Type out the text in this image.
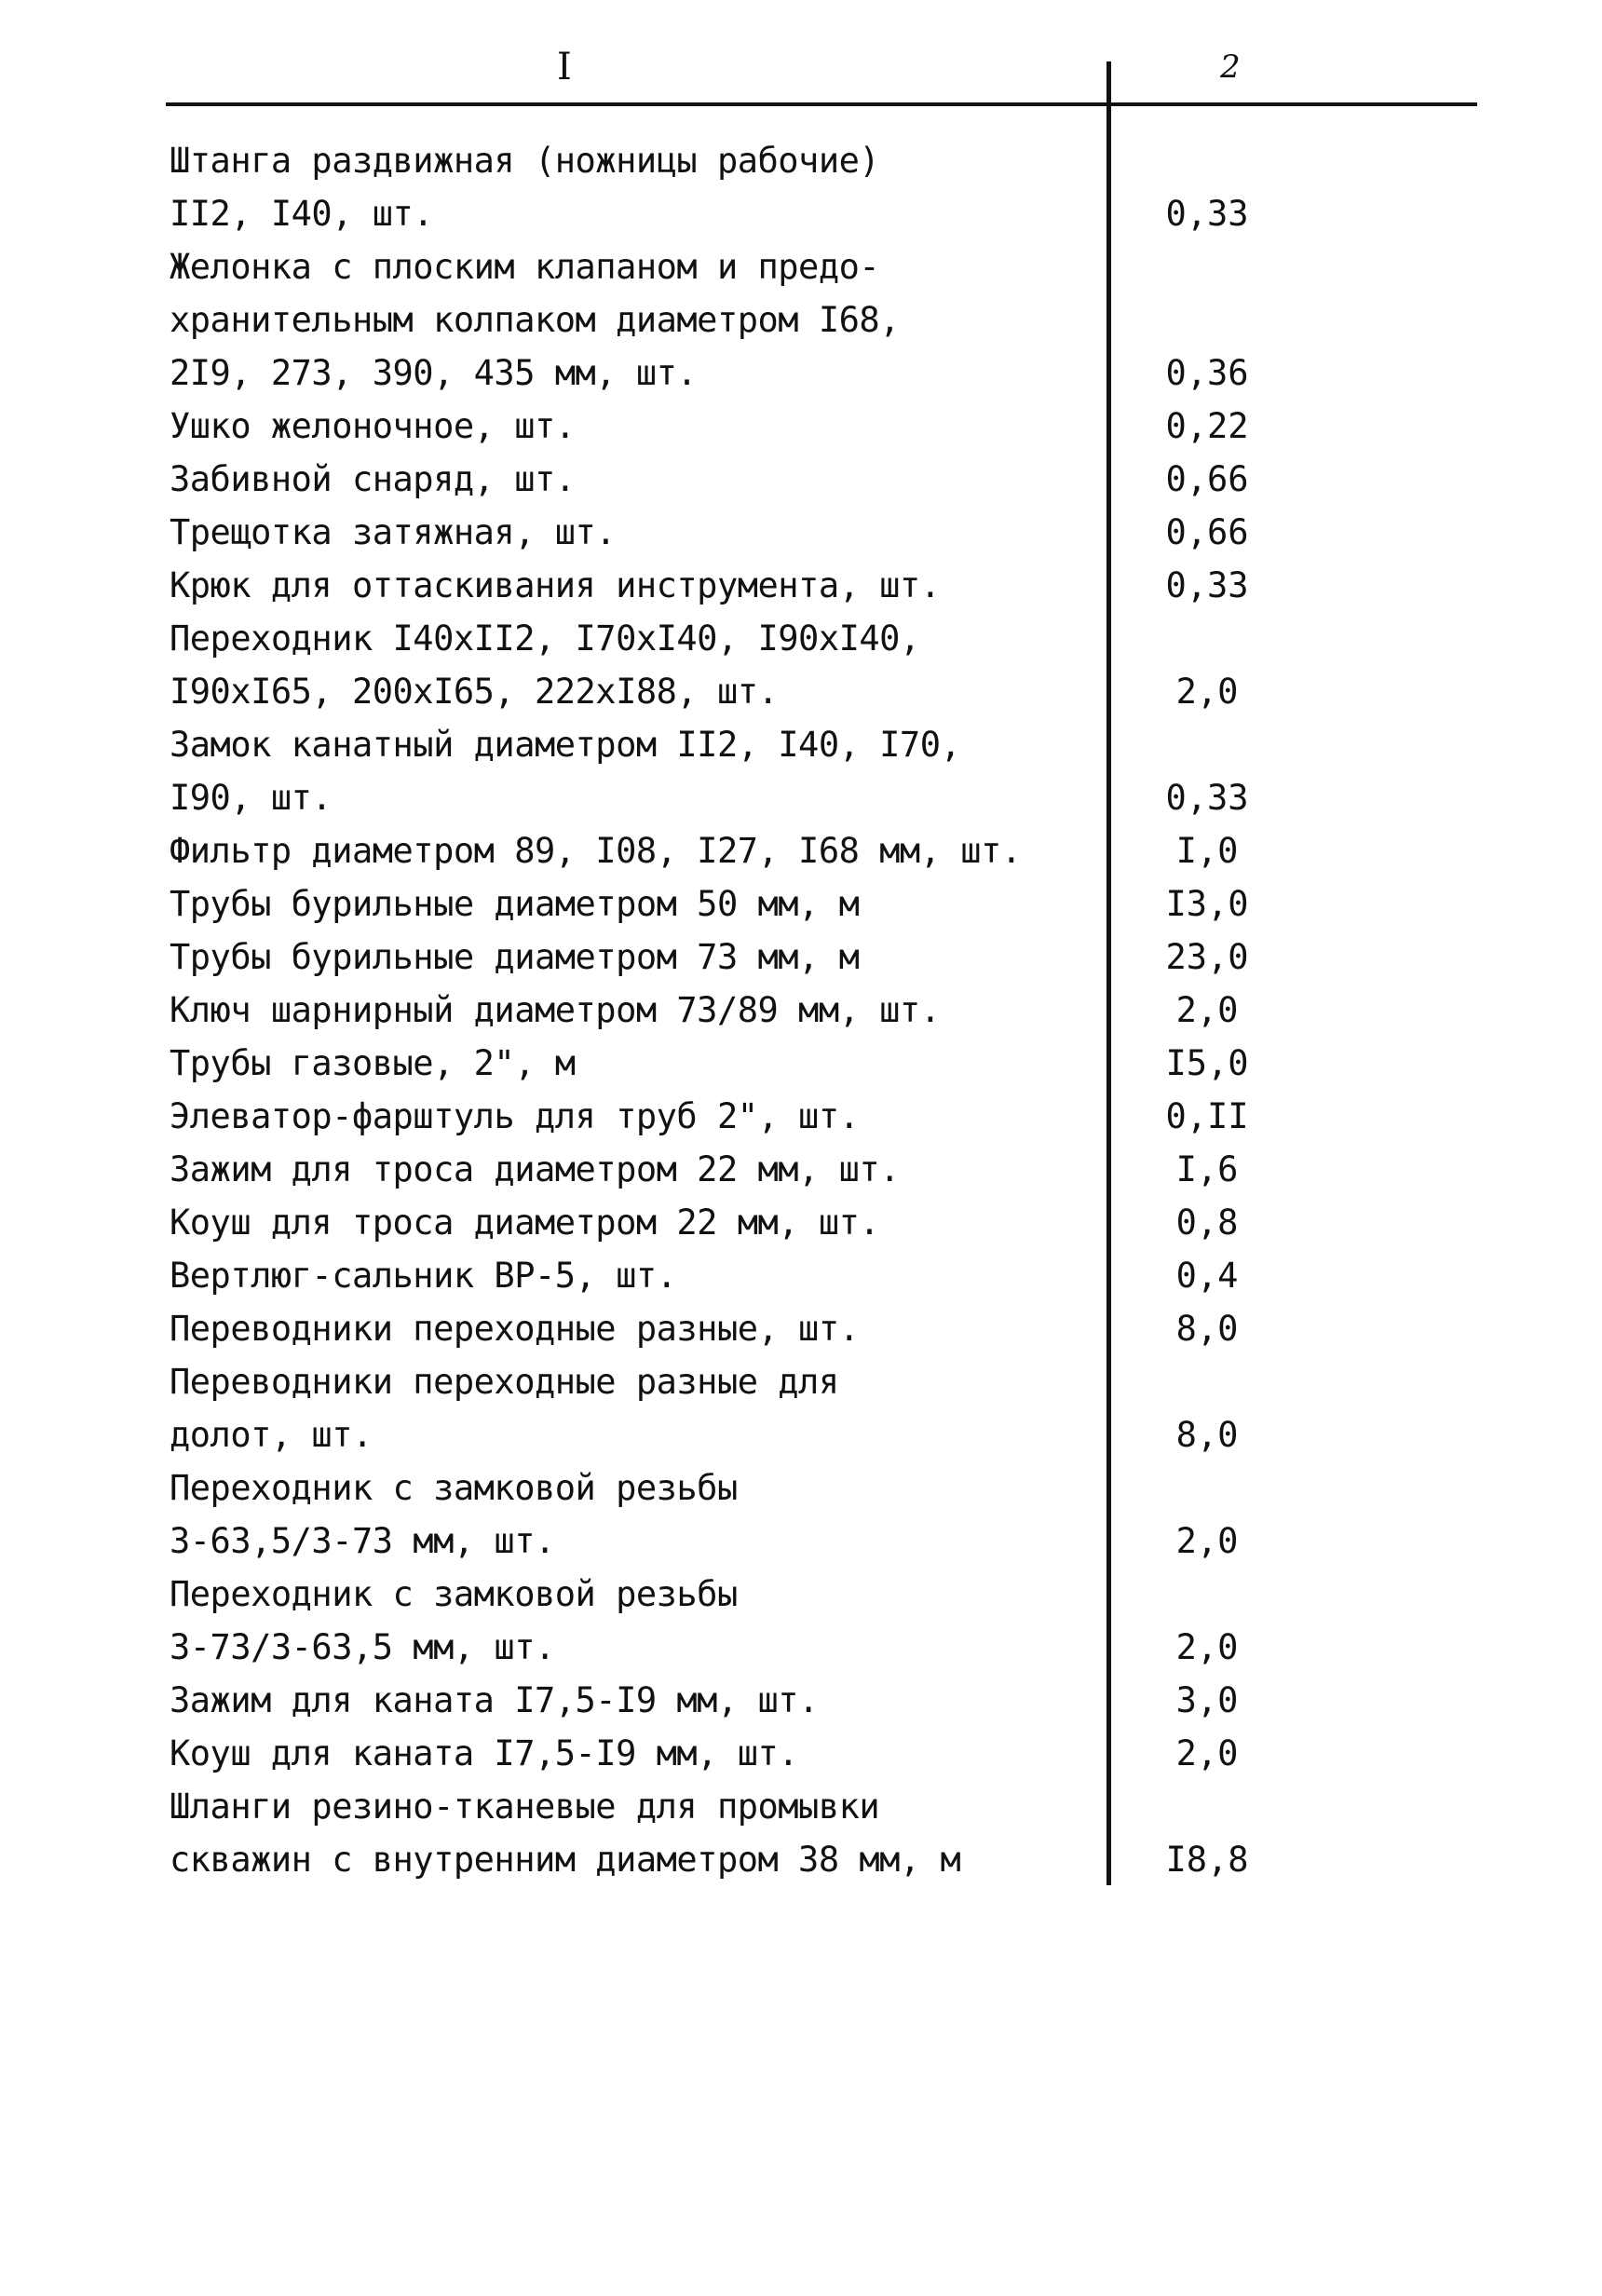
I	2
Штанга раздвижная (ножницы рабочие)
II2, I40, шт.	0,33
Желонка с плоским клапаном и предо-
хранительным колпаком диаметром I68,
2I9, 273, 390, 435 мм, шт.	0,36
Ушко желоночное, шт.	0,22
Забивной снаряд, шт.	0,66
Трещотка затяжная, шт.	0,66
Крюк для оттаскивания инструмента, шт.	0,33
Переходник I40хII2, I70хI40, I90хI40,
I90хI65, 200хI65, 222хI88, шт.	2,0
Замок канатный диаметром II2, I40, I70,
I90, шт.	0,33
Фильтр диаметром 89, I08, I27, I68 мм, шт.	I,0
Трубы бурильные диаметром 50 мм, м	I3,0
Трубы бурильные диаметром 73 мм, м	23,0
Ключ шарнирный диаметром 73/89 мм, шт.	2,0
Трубы газовые, 2", м	I5,0
Элеватор-фарштуль для труб 2", шт.	0,II
Зажим для троса диаметром 22 мм, шт.	I,6
Коуш для троса диаметром 22 мм, шт.	0,8
Вертлюг-сальник ВР-5, шт.	0,4
Переводники переходные разные, шт.	8,0
Переводники переходные разные для
долот, шт.	8,0
Переходник с замковой резьбы
3-63,5/3-73 мм, шт.	2,0
Переходник с замковой резьбы
3-73/3-63,5 мм, шт.	2,0
Зажим для каната I7,5-I9 мм, шт.	3,0
Коуш для каната I7,5-I9 мм, шт.	2,0
Шланги резино-тканевые для промывки
скважин с внутренним диаметром 38 мм, м	I8,8
